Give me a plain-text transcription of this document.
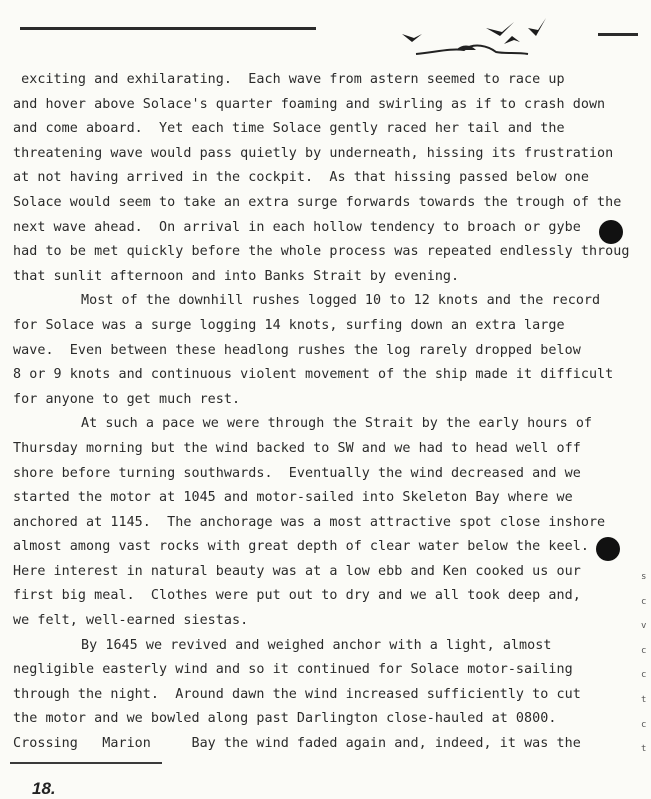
exciting and exhilarating.  Each wave from astern seemed to race up
and hover above Solace's quarter foaming and swirling as if to crash down
and come aboard.  Yet each time Solace gently raced her tail and the
threatening wave would pass quietly by underneath, hissing its frustration
at not having arrived in the cockpit.  As that hissing passed below one
Solace would seem to take an extra surge forwards towards the trough of the
next wave ahead.  On arrival in each hollow tendency to broach or gybe
had to be met quickly before the whole process was repeated endlessly throug
that sunlit afternoon and into Banks Strait by evening.
Most of the downhill rushes logged 10 to 12 knots and the record
for Solace was a surge logging 14 knots, surfing down an extra large
wave.  Even between these headlong rushes the log rarely dropped below
8 or 9 knots and continuous violent movement of the ship made it difficult
for anyone to get much rest.
At such a pace we were through the Strait by the early hours of
Thursday morning but the wind backed to SW and we had to head well off
shore before turning southwards.  Eventually the wind decreased and we
started the motor at 1045 and motor-sailed into Skeleton Bay where we
anchored at 1145.  The anchorage was a most attractive spot close inshore
almost among vast rocks with great depth of clear water below the keel.
Here interest in natural beauty was at a low ebb and Ken cooked us our
first big meal.  Clothes were put out to dry and we all took deep and,
we felt, well-earned siestas.
By 1645 we revived and weighed anchor with a light, almost
negligible easterly wind and so it continued for Solace motor-sailing
through the night.  Around dawn the wind increased sufficiently to cut
the motor and we bowled along past Darlington close-hauled at 0800.
Crossing   Marion     Bay the wind faded again and, indeed, it was the
s
c
v
c
c
t
c
t
18.
